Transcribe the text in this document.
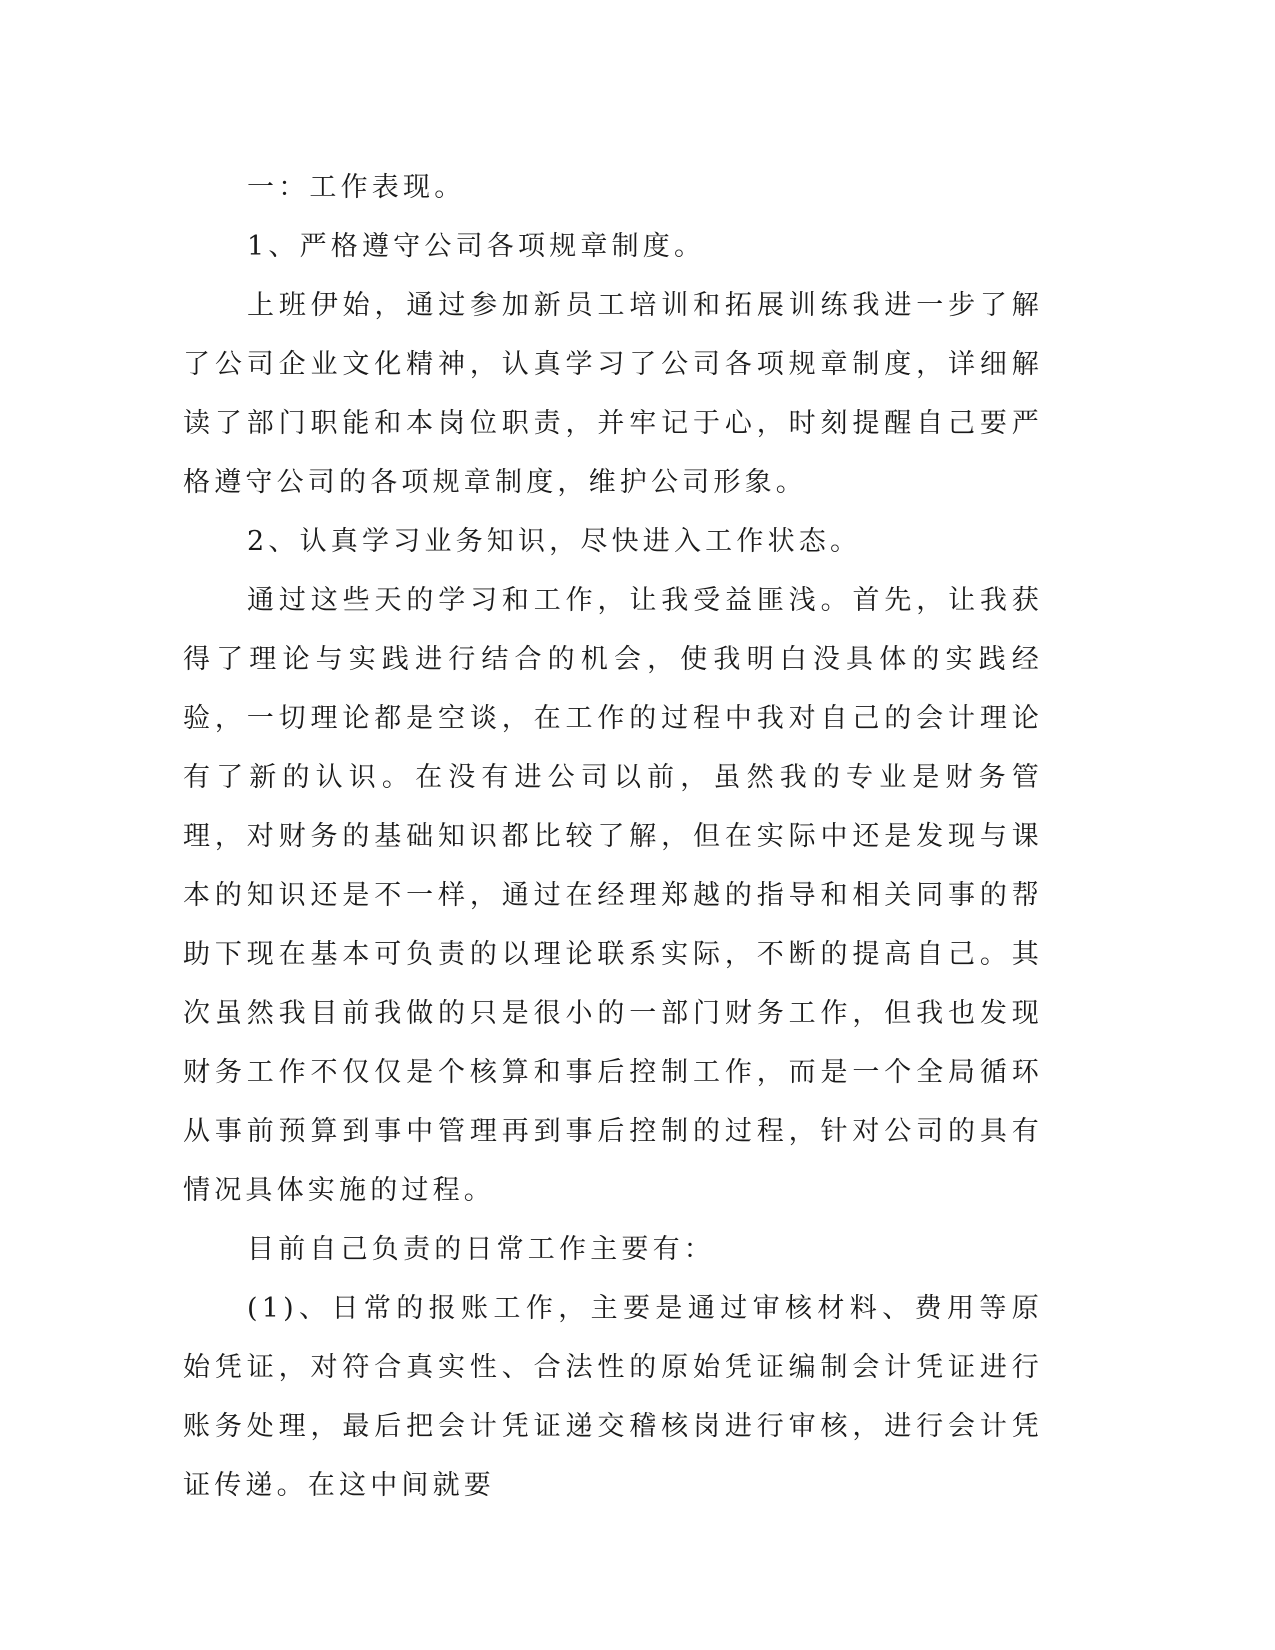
一：工作表现。

1、严格遵守公司各项规章制度。

上班伊始，通过参加新员工培训和拓展训练我进一步了解了公司企业文化精神，认真学习了公司各项规章制度，详细解读了部门职能和本岗位职责，并牢记于心，时刻提醒自己要严格遵守公司的各项规章制度，维护公司形象。

2、认真学习业务知识，尽快进入工作状态。

通过这些天的学习和工作，让我受益匪浅。首先，让我获得了理论与实践进行结合的机会，使我明白没具体的实践经验，一切理论都是空谈，在工作的过程中我对自己的会计理论有了新的认识。在没有进公司以前，虽然我的专业是财务管理，对财务的基础知识都比较了解，但在实际中还是发现与课本的知识还是不一样，通过在经理郑越的指导和相关同事的帮助下现在基本可负责的以理论联系实际，不断的提高自己。其次虽然我目前我做的只是很小的一部门财务工作，但我也发现财务工作不仅仅是个核算和事后控制工作，而是一个全局循环从事前预算到事中管理再到事后控制的过程，针对公司的具有情况具体实施的过程。

目前自己负责的日常工作主要有：

(1)、日常的报账工作，主要是通过审核材料、费用等原始凭证，对符合真实性、合法性的原始凭证编制会计凭证进行账务处理，最后把会计凭证递交稽核岗进行审核，进行会计凭证传递。在这中间就要
